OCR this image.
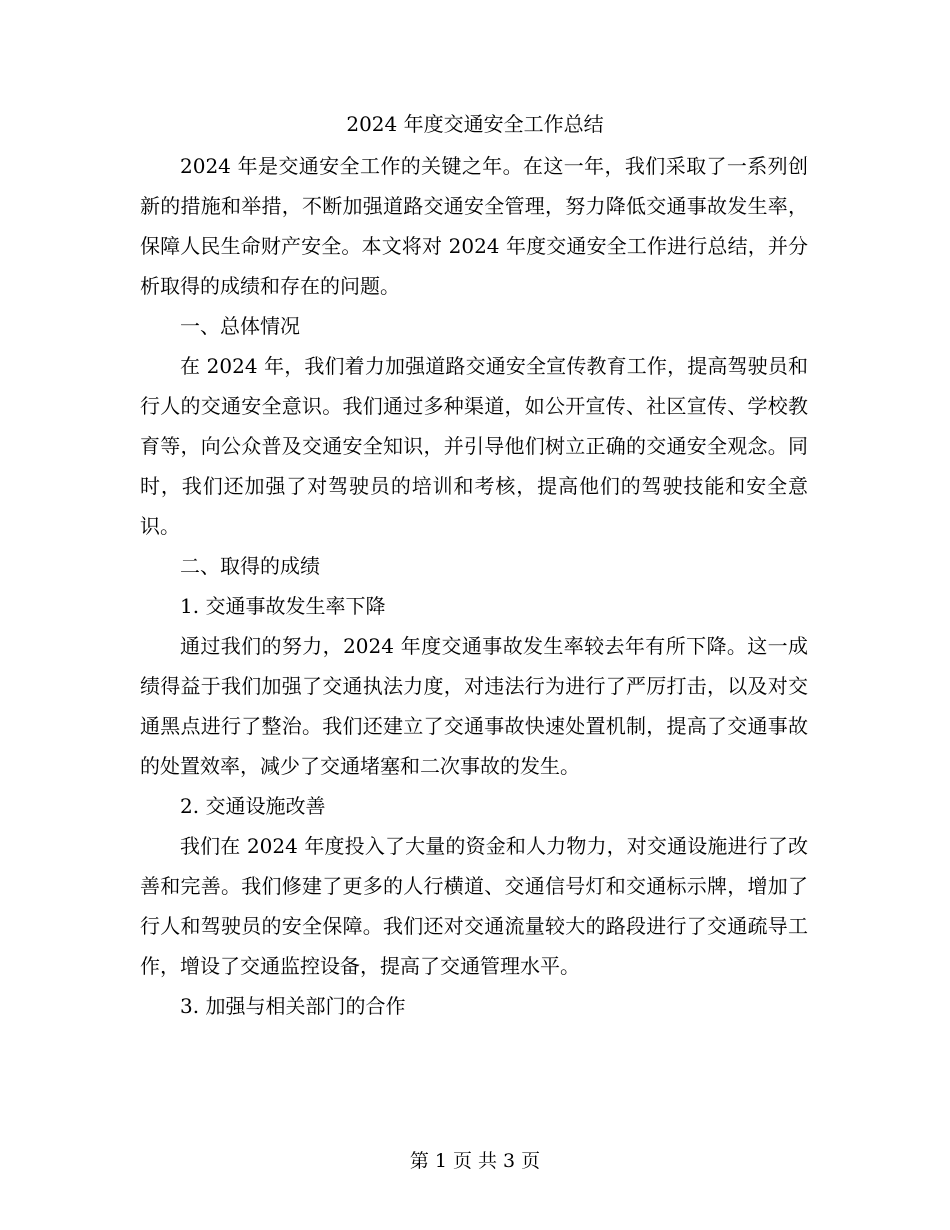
2024 年度交通安全工作总结

2024 年是交通安全工作的关键之年。在这一年，我们采取了一系列创新的措施和举措，不断加强道路交通安全管理，努力降低交通事故发生率，保障人民生命财产安全。本文将对 2024 年度交通安全工作进行总结，并分析取得的成绩和存在的问题。

一、总体情况

在 2024 年，我们着力加强道路交通安全宣传教育工作，提高驾驶员和行人的交通安全意识。我们通过多种渠道，如公开宣传、社区宣传、学校教育等，向公众普及交通安全知识，并引导他们树立正确的交通安全观念。同时，我们还加强了对驾驶员的培训和考核，提高他们的驾驶技能和安全意识。

二、取得的成绩

1. 交通事故发生率下降

通过我们的努力，2024 年度交通事故发生率较去年有所下降。这一成绩得益于我们加强了交通执法力度，对违法行为进行了严厉打击，以及对交通黑点进行了整治。我们还建立了交通事故快速处置机制，提高了交通事故的处置效率，减少了交通堵塞和二次事故的发生。

2. 交通设施改善

我们在 2024 年度投入了大量的资金和人力物力，对交通设施进行了改善和完善。我们修建了更多的人行横道、交通信号灯和交通标示牌，增加了行人和驾驶员的安全保障。我们还对交通流量较大的路段进行了交通疏导工作，增设了交通监控设备，提高了交通管理水平。

3. 加强与相关部门的合作

第 1 页 共 3 页
